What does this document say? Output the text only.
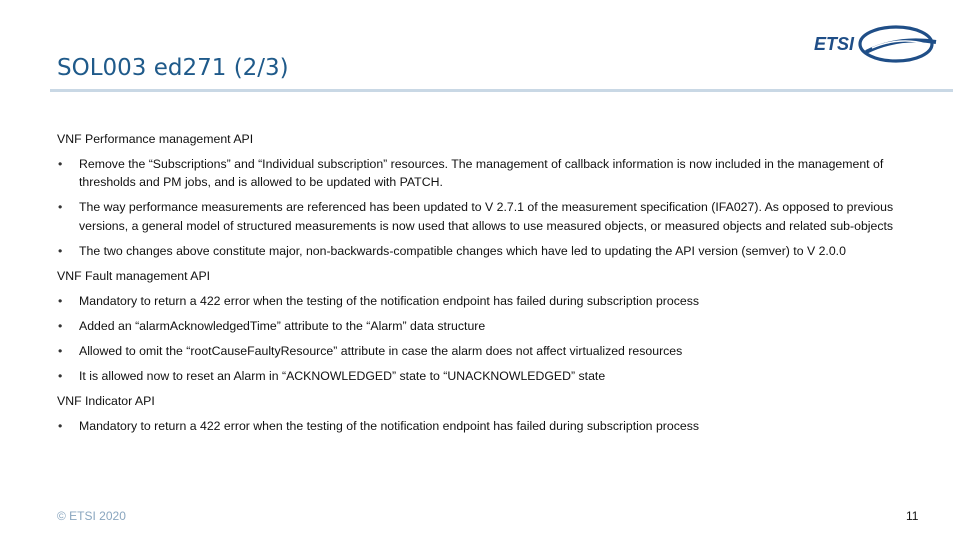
SOL003 ed271 (2/3)
ETSI

VNF Performance management API

• Remove the “Subscriptions” and “Individual subscription” resources. The management of callback information is now included in the management of thresholds and PM jobs, and is allowed to be updated with PATCH.
• The way performance measurements are referenced has been updated to V 2.7.1 of the measurement specification (IFA027). As opposed to previous versions, a general model of structured measurements is now used that allows to use measured objects, or measured objects and related sub-objects
• The two changes above constitute major, non-backwards-compatible changes which have led to updating the API version (semver) to V 2.0.0

VNF Fault management API

• Mandatory to return a 422 error when the testing of the notification endpoint has failed during subscription process
• Added an “alarmAcknowledgedTime” attribute to the “Alarm” data structure
• Allowed to omit the “rootCauseFaultyResource” attribute in case the alarm does not affect virtualized resources
• It is allowed now to reset an Alarm in “ACKNOWLEDGED” state to “UNACKNOWLEDGED” state

VNF Indicator API

• Mandatory to return a 422 error when the testing of the notification endpoint has failed during subscription process
© ETSI 2020	11
